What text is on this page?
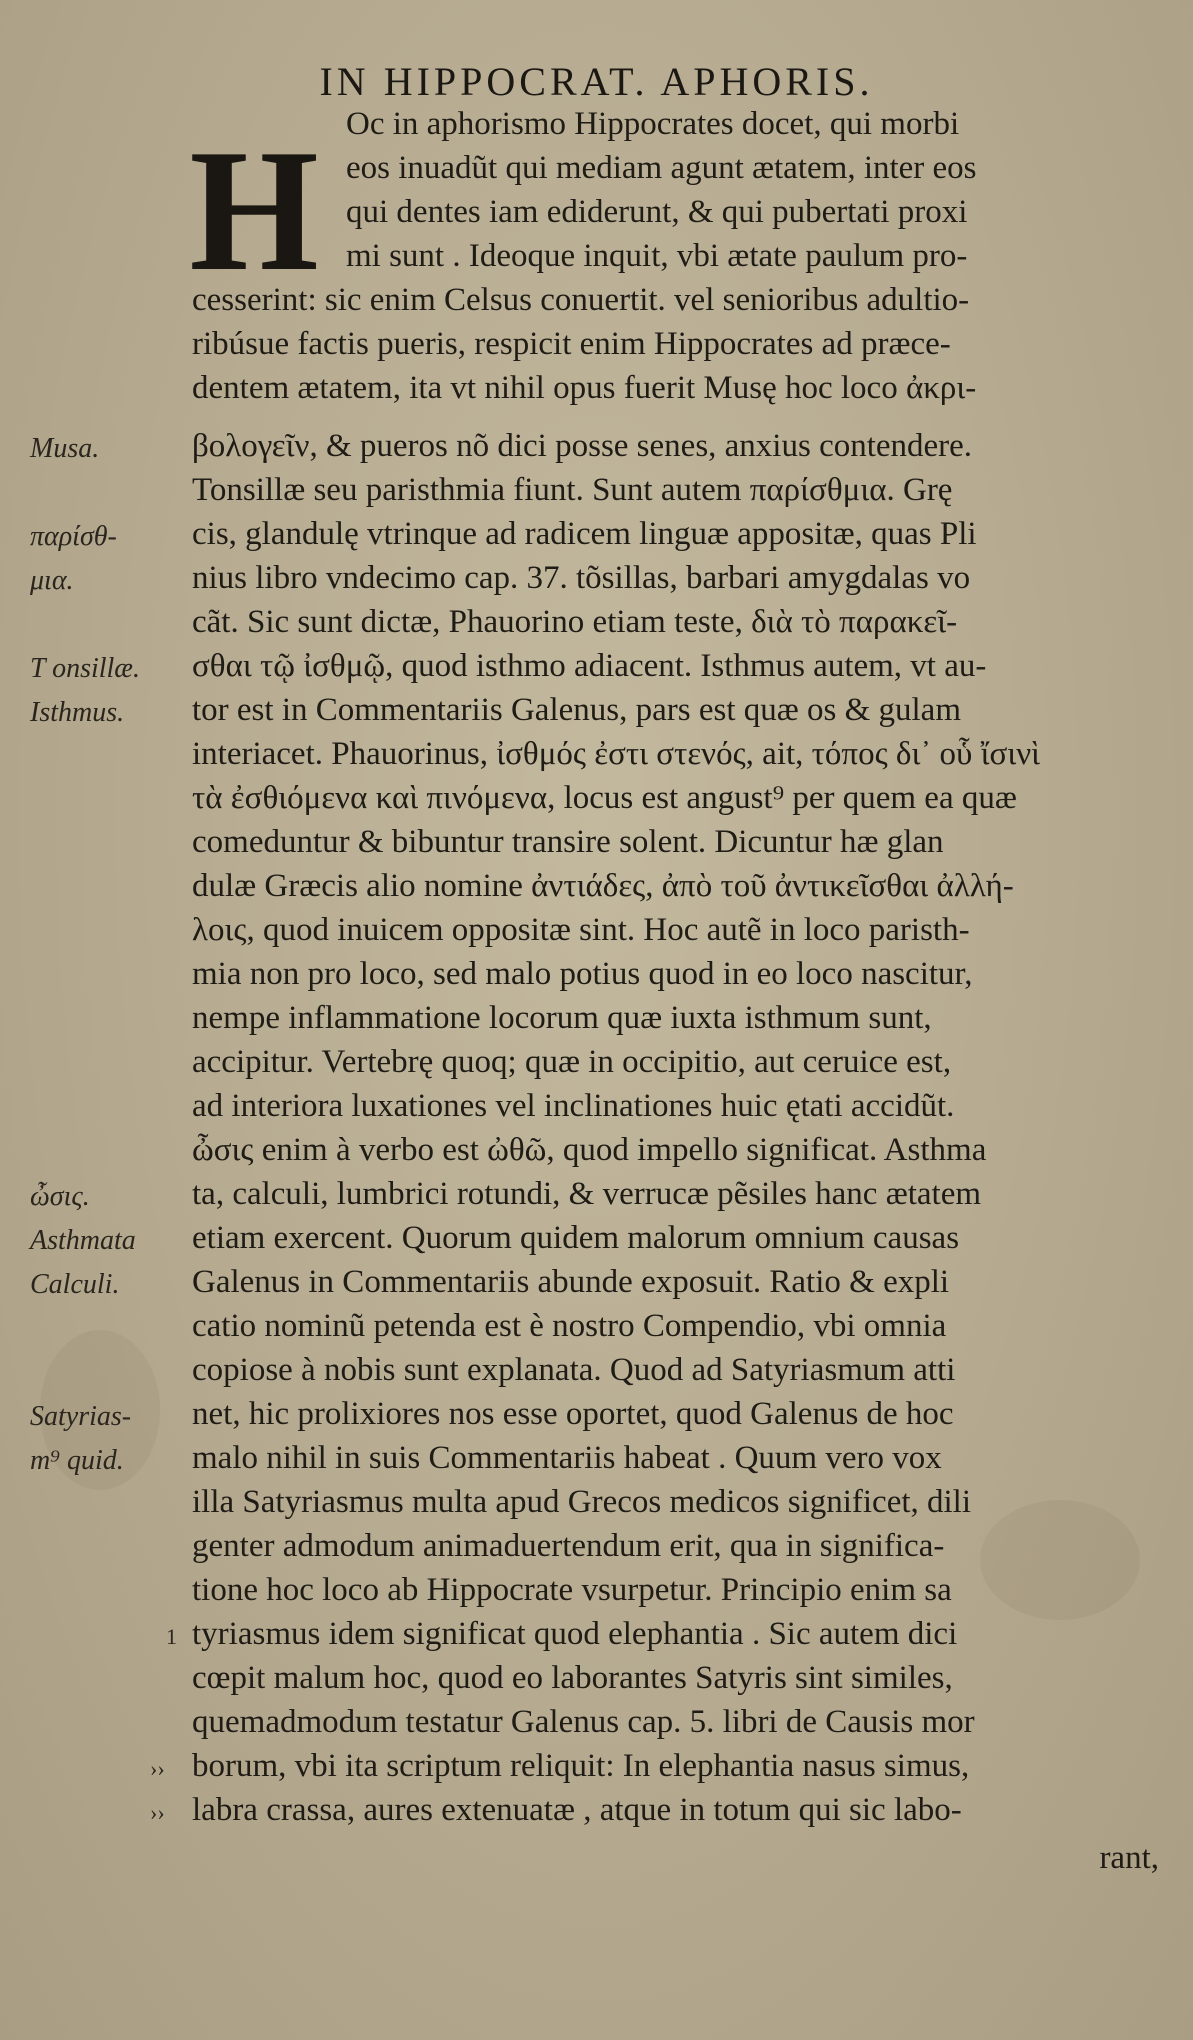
IN HIPPOCRAT. APHORIS.
H Oc in aphorismo Hippocrates docet, qui morbi
eos inuadũt qui mediam agunt ætatem, inter eos
qui dentes iam ediderunt, & qui pubertati proxi
mi sunt . Ideoque inquit, vbi ætate paulum pro-
cesserint: sic enim Celsus conuertit. vel senioribus adultio-
ribúsue factis pueris, respicit enim Hippocrates ad præce-
dentem ætatem, ita vt nihil opus fuerit Musę hoc loco ἀκρι-
βολογεῖν, & pueros nõ dici posse senes, anxius contendere.
Tonsillæ seu paristhmia fiunt. Sunt autem παρίσθμια. Grę
cis, glandulę vtrinque ad radicem linguæ appositæ, quas Pli
nius libro vndecimo cap. 37. tõsillas, barbari amygdalas vo
cãt. Sic sunt dictæ, Phauorino etiam teste, διὰ τὸ παρακεῖ-
σθαι τῷ ἰσθμῷ, quod isthmo adiacent. Isthmus autem, vt au-
tor est in Commentariis Galenus, pars est quæ os & gulam
interiacet. Phauorinus, ἰσθμός ἐστι στενός, ait, τόπος δι᾽ οὗ ἴσινὶ
τὰ ἐσθιόμενα καὶ πινόμενα, locus est angust⁹ per quem ea quæ
comeduntur & bibuntur transire solent. Dicuntur hæ glan
dulæ Græcis alio nomine ἀντιάδες, ἀπὸ τοῦ ἀντικεῖσθαι ἀλλή-
λοις, quod inuicem oppositæ sint. Hoc autẽ in loco paristh-
mia non pro loco, sed malo potius quod in eo loco nascitur,
nempe inflammatione locorum quæ iuxta isthmum sunt,
accipitur. Vertebrę quoq; quæ in occipitio, aut ceruice est,
ad interiora luxationes vel inclinationes huic ętati accidũt.
ὦσις enim à verbo est ὠθῶ, quod impello significat. Asthma
ta, calculi, lumbrici rotundi, & verrucæ pẽsiles hanc ætatem
etiam exercent. Quorum quidem malorum omnium causas
Galenus in Commentariis abunde exposuit. Ratio & expli
catio nominũ petenda est è nostro Compendio, vbi omnia
copiose à nobis sunt explanata. Quod ad Satyriasmum atti
net, hic prolixiores nos esse oportet, quod Galenus de hoc
malo nihil in suis Commentariis habeat . Quum vero vox
illa Satyriasmus multa apud Grecos medicos significet, dili
genter admodum animaduertendum erit, qua in significa-
tione hoc loco ab Hippocrate vsurpetur. Principio enim sa
tyriasmus idem significat quod elephantia . Sic autem dici
cœpit malum hoc, quod eo laborantes Satyris sint similes,
quemadmodum testatur Galenus cap. 5. libri de Causis mor
borum, vbi ita scriptum reliquit: In elephantia nasus simus,
labra crassa, aures extenuatæ , atque in totum qui sic labo-
rant,
Musa.
παρίσθ-
μια.
T onsillæ.
Isthmus.
ὦσις.
Asthmata
Calculi.
Satyrias-
m⁹ quid.
1
››
››
